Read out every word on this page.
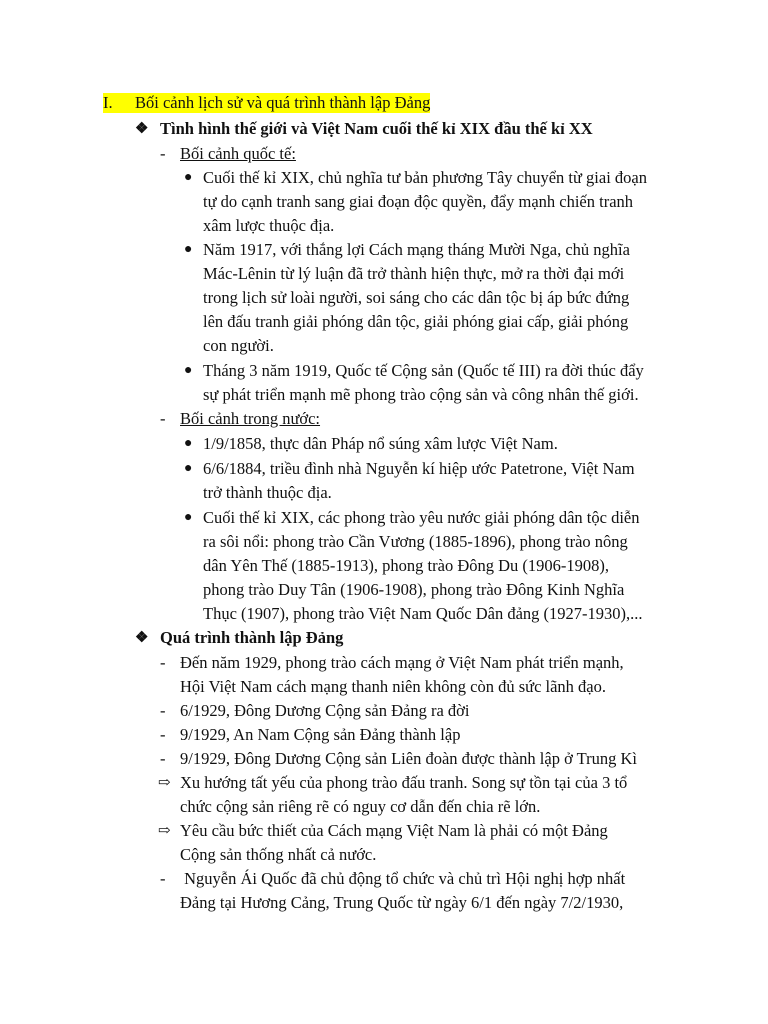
I.	Bối cảnh lịch sử và quá trình thành lập Đảng
❖ Tình hình thế giới và Việt Nam cuối thế kỉ XIX đầu thế kỉ XX
- Bối cảnh quốc tế:
● Cuối thế kỉ XIX, chủ nghĩa tư bản phương Tây chuyển từ giai đoạn
tự do cạnh tranh sang giai đoạn độc quyền, đẩy mạnh chiến tranh
xâm lược thuộc địa.
● Năm 1917, với thắng lợi Cách mạng tháng Mười Nga, chủ nghĩa
Mác-Lênin từ lý luận đã trở thành hiện thực, mở ra thời đại mới
trong lịch sử loài người, soi sáng cho các dân tộc bị áp bức đứng
lên đấu tranh giải phóng dân tộc, giải phóng giai cấp, giải phóng
con người.
● Tháng 3 năm 1919, Quốc tế Cộng sản (Quốc tế III) ra đời thúc đẩy
sự phát triển mạnh mẽ phong trào cộng sản và công nhân thế giới.
- Bối cảnh trong nước:
● 1/9/1858, thực dân Pháp nổ súng xâm lược Việt Nam.
● 6/6/1884, triều đình nhà Nguyễn kí hiệp ước Patetrone, Việt Nam
trở thành thuộc địa.
● Cuối thế kỉ XIX, các phong trào yêu nước giải phóng dân tộc diễn
ra sôi nổi: phong trào Cần Vương (1885-1896), phong trào nông
dân Yên Thế (1885-1913), phong trào Đông Du (1906-1908),
phong trào Duy Tân (1906-1908), phong trào Đông Kinh Nghĩa
Thục (1907), phong trào Việt Nam Quốc Dân đảng (1927-1930),...
❖ Quá trình thành lập Đảng
- Đến năm 1929, phong trào cách mạng ở Việt Nam phát triển mạnh,
Hội Việt Nam cách mạng thanh niên không còn đủ sức lãnh đạo.
- 6/1929, Đông Dương Cộng sản Đảng ra đời
- 9/1929, An Nam Cộng sản Đảng thành lập
- 9/1929, Đông Dương Cộng sản Liên đoàn được thành lập ở Trung Kì
⇨ Xu hướng tất yếu của phong trào đấu tranh. Song sự tồn tại của 3 tổ
chức cộng sản riêng rẽ có nguy cơ dẫn đến chia rẽ lớn.
⇨ Yêu cầu bức thiết của Cách mạng Việt Nam là phải có một Đảng
Cộng sản thống nhất cả nước.
- Nguyễn Ái Quốc đã chủ động tổ chức và chủ trì Hội nghị hợp nhất
Đảng tại Hương Cảng, Trung Quốc từ ngày 6/1 đến ngày 7/2/1930,
